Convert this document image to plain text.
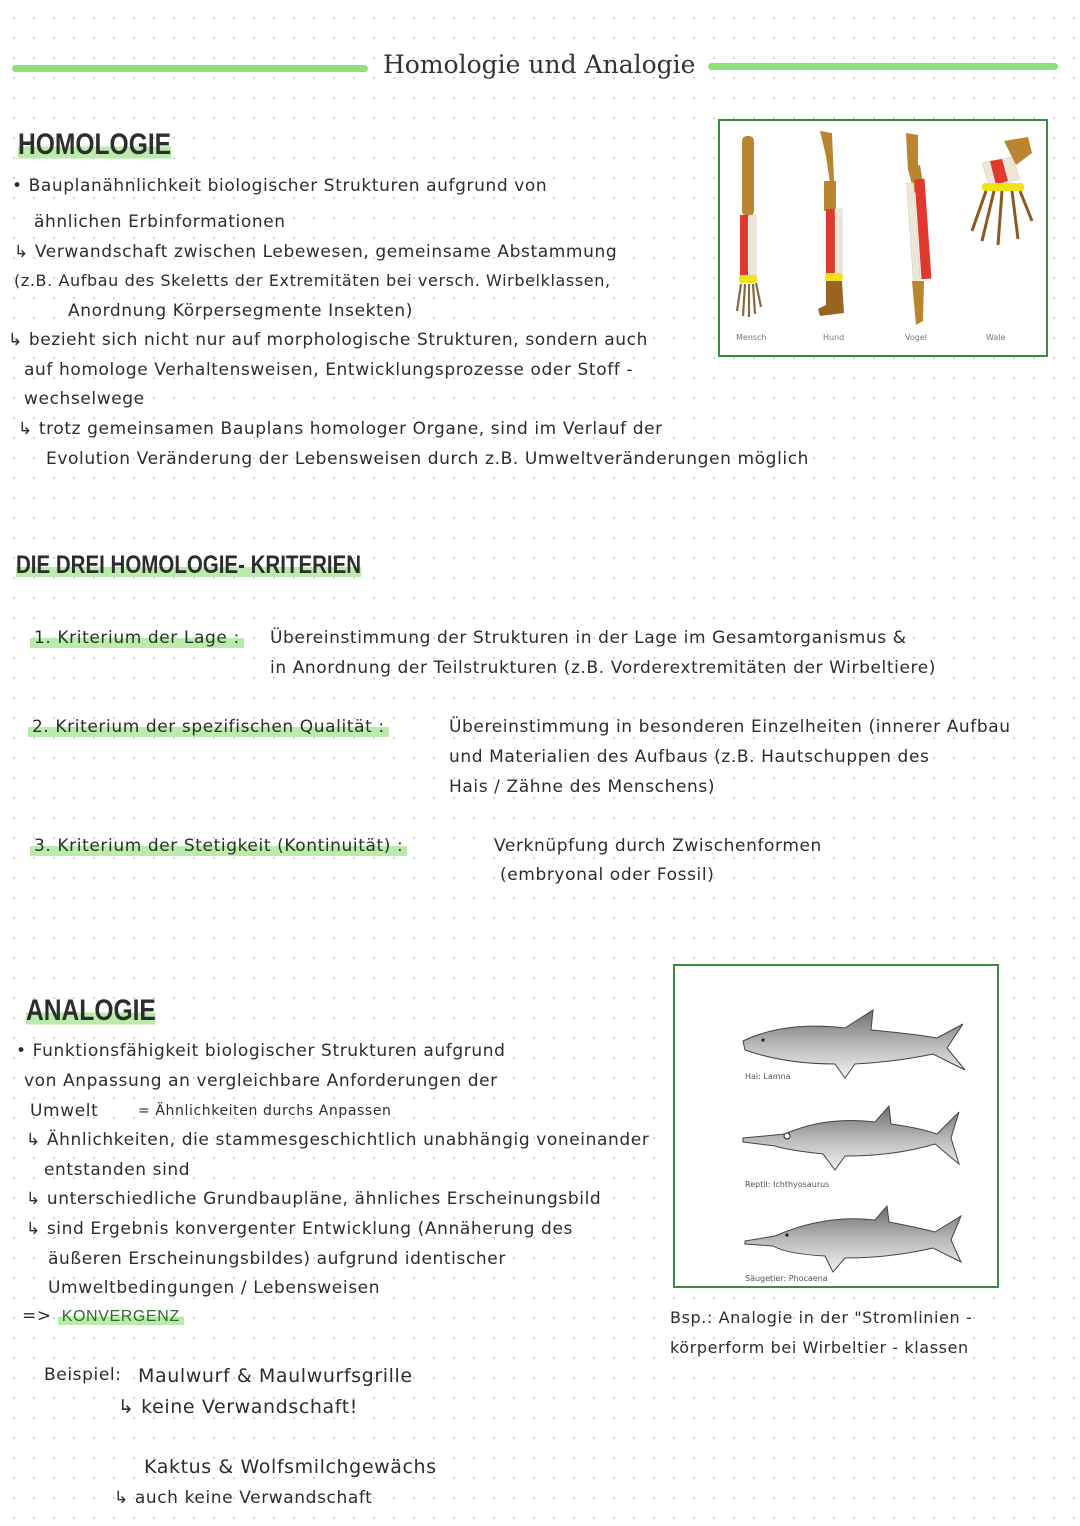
Homologie und Analogie
HOMOLOGIE
• Bauplanähnlichkeit biologischer Strukturen aufgrund von
ähnlichen Erbinformationen
↳ Verwandschaft zwischen Lebewesen, gemeinsame Abstammung
(z.B. Aufbau des Skeletts der Extremitäten bei versch. Wirbelklassen,
Anordnung Körpersegmente Insekten)
↳ bezieht sich nicht nur auf morphologische Strukturen, sondern auch
auf homologe Verhaltensweisen, Entwicklungsprozesse oder Stoff -
wechselwege
↳ trotz gemeinsamen Bauplans homologer Organe, sind im Verlauf der
Evolution Veränderung der Lebensweisen durch z.B. Umweltveränderungen möglich
Mensch	Hund	Vogel	Wale
DIE DREI HOMOLOGIE- KRITERIEN
1. Kriterium der Lage : Übereinstimmung der Strukturen in der Lage im Gesamtorganismus &
in Anordnung der Teilstrukturen (z.B. Vorderextremitäten der Wirbeltiere)
2. Kriterium der spezifischen Qualität :	Übereinstimmung in besonderen Einzelheiten (innerer Aufbau
und Materialien des Aufbaus (z.B. Hautschuppen des
Hais / Zähne des Menschens)
3. Kriterium der Stetigkeit (Kontinuität) :	Verknüpfung durch Zwischenformen
(embryonal oder Fossil)
ANALOGIE
• Funktionsfähigkeit biologischer Strukturen aufgrund
von Anpassung an vergleichbare Anforderungen der
Umwelt	= Ähnlichkeiten durchs Anpassen
↳ Ähnlichkeiten, die stammesgeschichtlich unabhängig voneinander
entstanden sind
↳ unterschiedliche Grundbaupläne, ähnliches Erscheinungsbild
↳ sind Ergebnis konvergenter Entwicklung (Annäherung des
äußeren Erscheinungsbildes) aufgrund identischer
Umweltbedingungen / Lebensweisen
=> KONVERGENZ
Beispiel: Maulwurf & Maulwurfsgrille
↳ keine Verwandschaft!
Kaktus & Wolfsmilchgewächs
↳ auch keine Verwandschaft
Hai: Lamna
Reptil: Ichthyosaurus
Säugetier: Phocaena
Bsp.: Analogie in der "Stromlinien -
körperform bei Wirbeltier - klassen
